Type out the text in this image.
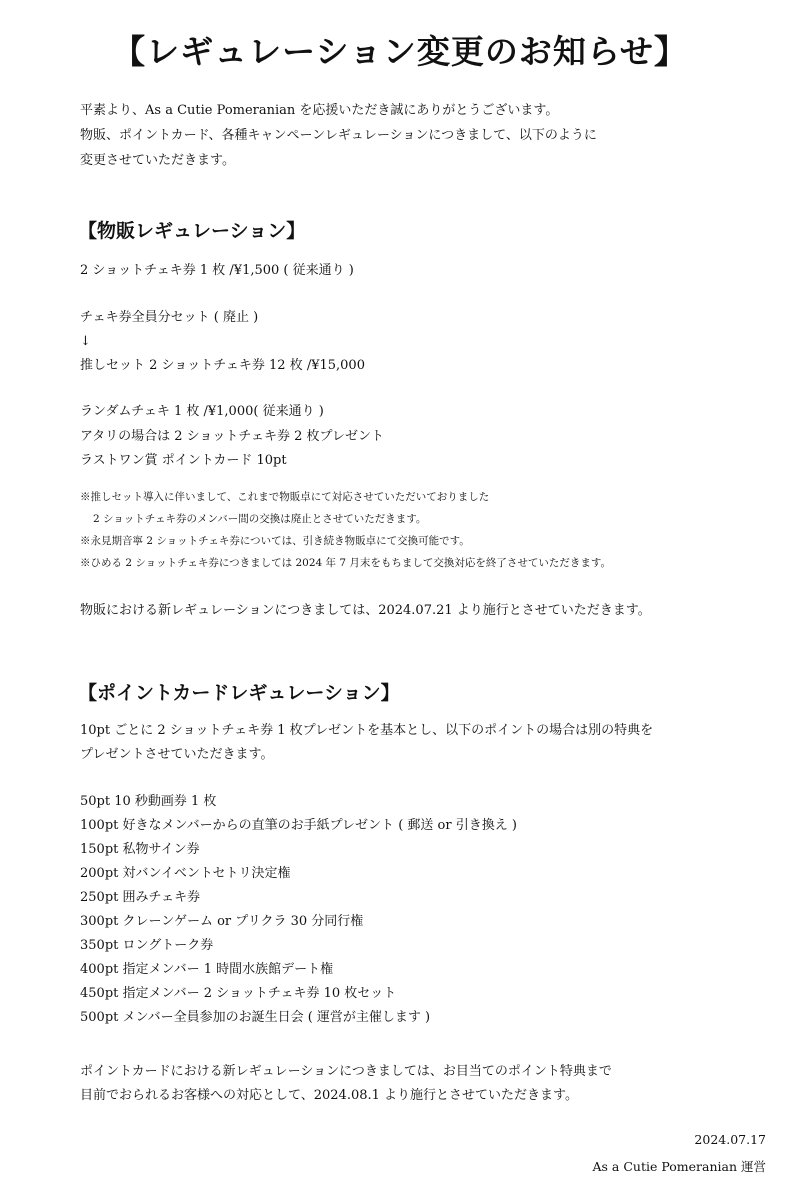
【レギュレーション変更のお知らせ】
平素より、As a Cutie Pomeranian を応援いただき誠にありがとうございます。
物販、ポイントカード、各種キャンペーンレギュレーションにつきまして、以下のように
変更させていただきます。
【物販レギュレーション】
2 ショットチェキ券 1 枚 /¥1,500 ( 従来通り )
チェキ券全員分セット ( 廃止 )
↓
推しセット 2 ショットチェキ券 12 枚 /¥15,000
ランダムチェキ 1 枚 /¥1,000( 従来通り )
アタリの場合は 2 ショットチェキ券 2 枚プレゼント
ラストワン賞 ポイントカード 10pt
※推しセット導入に伴いまして、これまで物販卓にて対応させていただいておりました
2 ショットチェキ券のメンバー間の交換は廃止とさせていただきます。
※永見期音寧 2 ショットチェキ券については、引き続き物販卓にて交換可能です。
※ひめる 2 ショットチェキ券につきましては 2024 年 7 月末をもちまして交換対応を終了させていただきます。
物販における新レギュレーションにつきましては、2024.07.21 より施行とさせていただきます。
【ポイントカードレギュレーション】
10pt ごとに 2 ショットチェキ券 1 枚プレゼントを基本とし、以下のポイントの場合は別の特典を
プレゼントさせていただきます。
50pt 10 秒動画券 1 枚
100pt 好きなメンバーからの直筆のお手紙プレゼント ( 郵送 or 引き換え )
150pt 私物サイン券
200pt 対バンイベントセトリ決定権
250pt 囲みチェキ券
300pt クレーンゲーム or プリクラ 30 分同行権
350pt ロングトーク券
400pt 指定メンバー 1 時間水族館デート権
450pt 指定メンバー 2 ショットチェキ券 10 枚セット
500pt メンバー全員参加のお誕生日会 ( 運営が主催します )
ポイントカードにおける新レギュレーションにつきましては、お目当てのポイント特典まで
目前でおられるお客様への対応として、2024.08.1 より施行とさせていただきます。
2024.07.17
As a Cutie Pomeranian 運営
